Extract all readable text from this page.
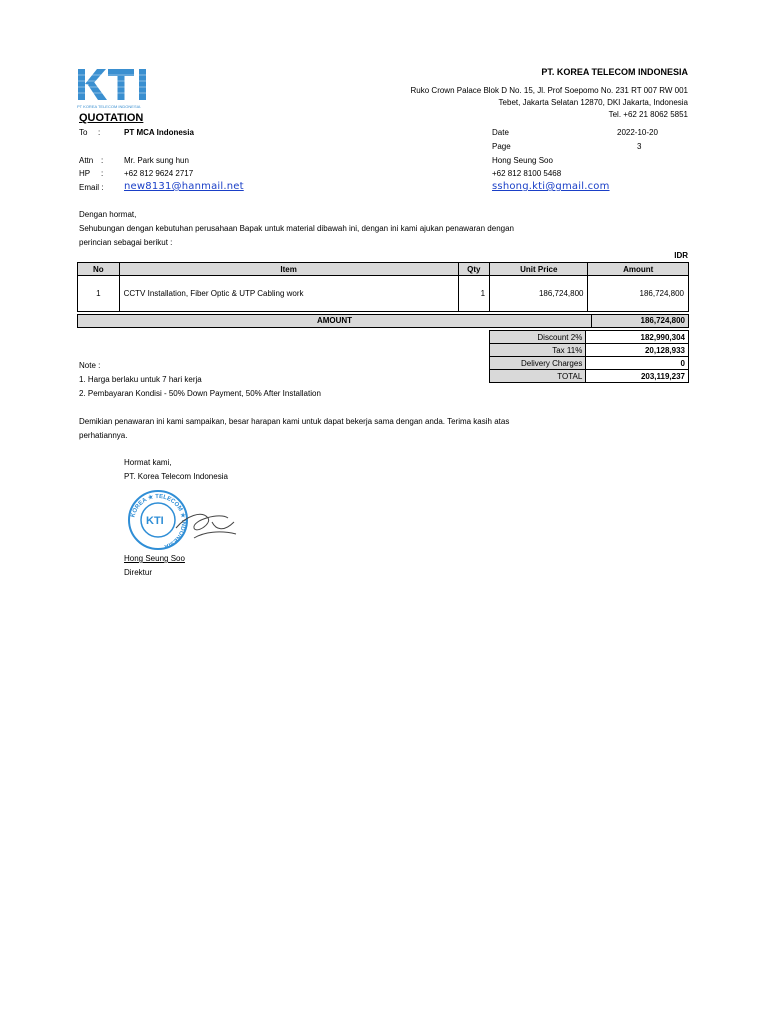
PT KOREA TELECOM INDONESIA
PT. KOREA TELECOM INDONESIA
Ruko Crown Palace Blok D No. 15, Jl. Prof Soepomo No. 231 RT 007 RW 001
Tebet, Jakarta Selatan 12870, DKI Jakarta, Indonesia
Tel. +62 21 8062 5851
QUOTATION
To :	PT MCA Indonesia
Attn :	Mr. Park sung hun
HP :	+62 812 9624 2717
Email : new8131@hanmail.net
Date	2022-10-20
Page	3
Hong Seung Soo
+62 812 8100 5468
sshong.kti@gmail.com
Dengan hormat,
Sehubungan dengan kebutuhan perusahaan Bapak untuk material dibawah ini, dengan ini kami ajukan penawaran dengan
perincian sebagai berikut :
IDR
No	Item	Qty	Unit Price	Amount
1	CCTV Installation, Fiber Optic & UTP Cabling work	1	186,724,800	186,724,800
AMOUNT	186,724,800
Discount 2%	182,990,304
Tax 11%	20,128,933
Delivery Charges	0
TOTAL	203,119,237
Note :
1. Harga berlaku untuk 7 hari kerja
2. Pembayaran Kondisi - 50% Down Payment, 50% After Installation
Demikian penawaran ini kami sampaikan, besar harapan kami untuk dapat bekerja sama dengan anda. Terima kasih atas
perhatiannya.
Hormat kami,
PT. Korea Telecom Indonesia
KOREA ★ TELECOM ★ INDONESIA
KTI
Hong Seung Soo
Direktur
